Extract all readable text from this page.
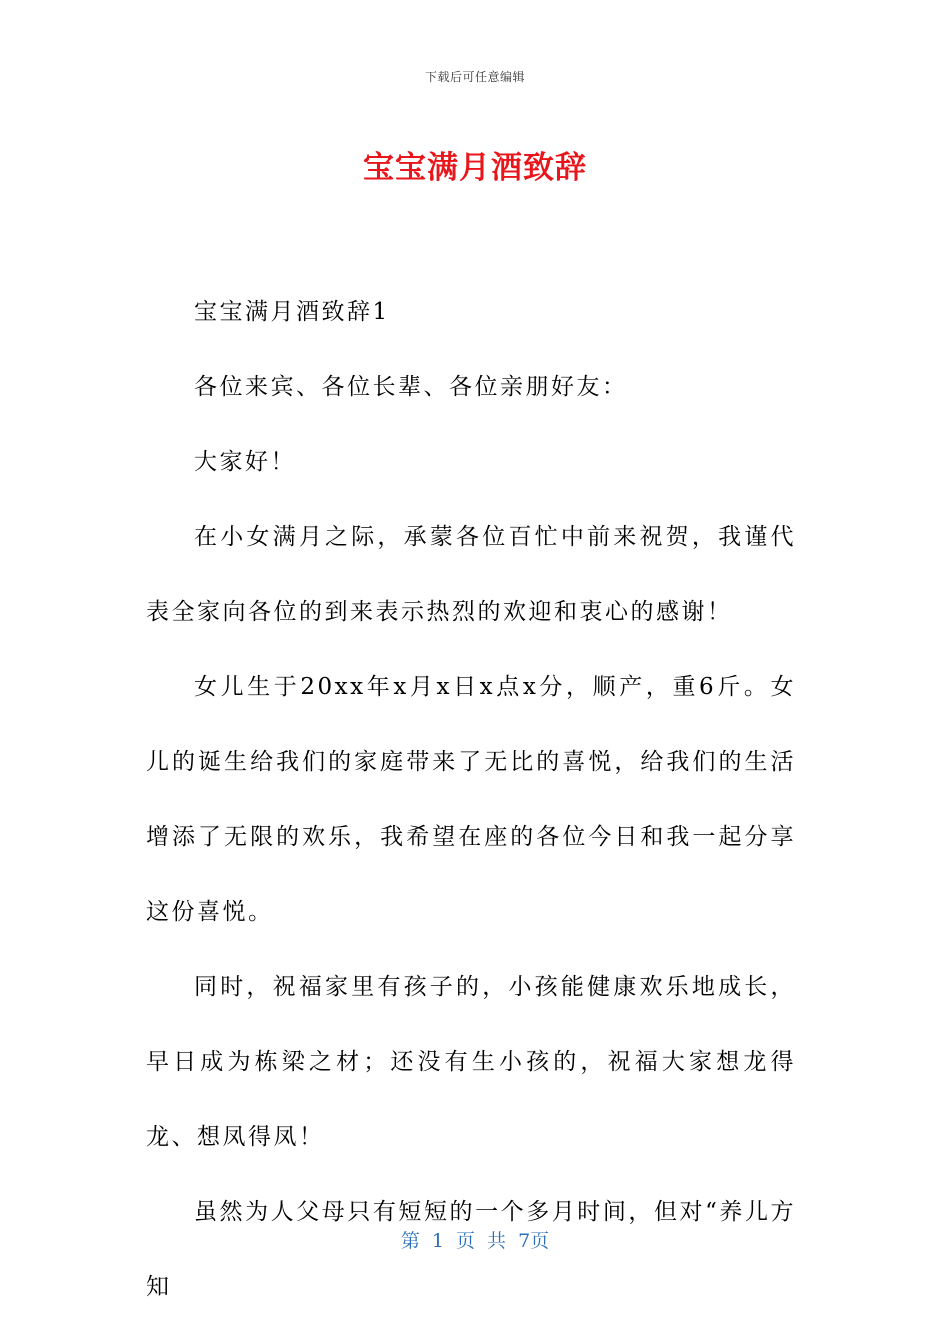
下载后可任意编辑
宝宝满月酒致辞

宝宝满月酒致辞1

各位来宾、各位长辈、各位亲朋好友：

大家好！

在小女满月之际，承蒙各位百忙中前来祝贺，我谨代表全家向各位的到来表示热烈的欢迎和衷心的感谢！

女儿生于20xx年x月x日x点x分，顺产，重6斤。女儿的诞生给我们的家庭带来了无比的喜悦，给我们的生活增添了无限的欢乐，我希望在座的各位今日和我一起分享这份喜悦。

同时，祝福家里有孩子的，小孩能健康欢乐地成长，早日成为栋梁之材；还没有生小孩的，祝福大家想龙得龙、想凤得凤！

虽然为人父母只有短短的一个多月时间，但对“养儿方知

第 1 页 共 7页
